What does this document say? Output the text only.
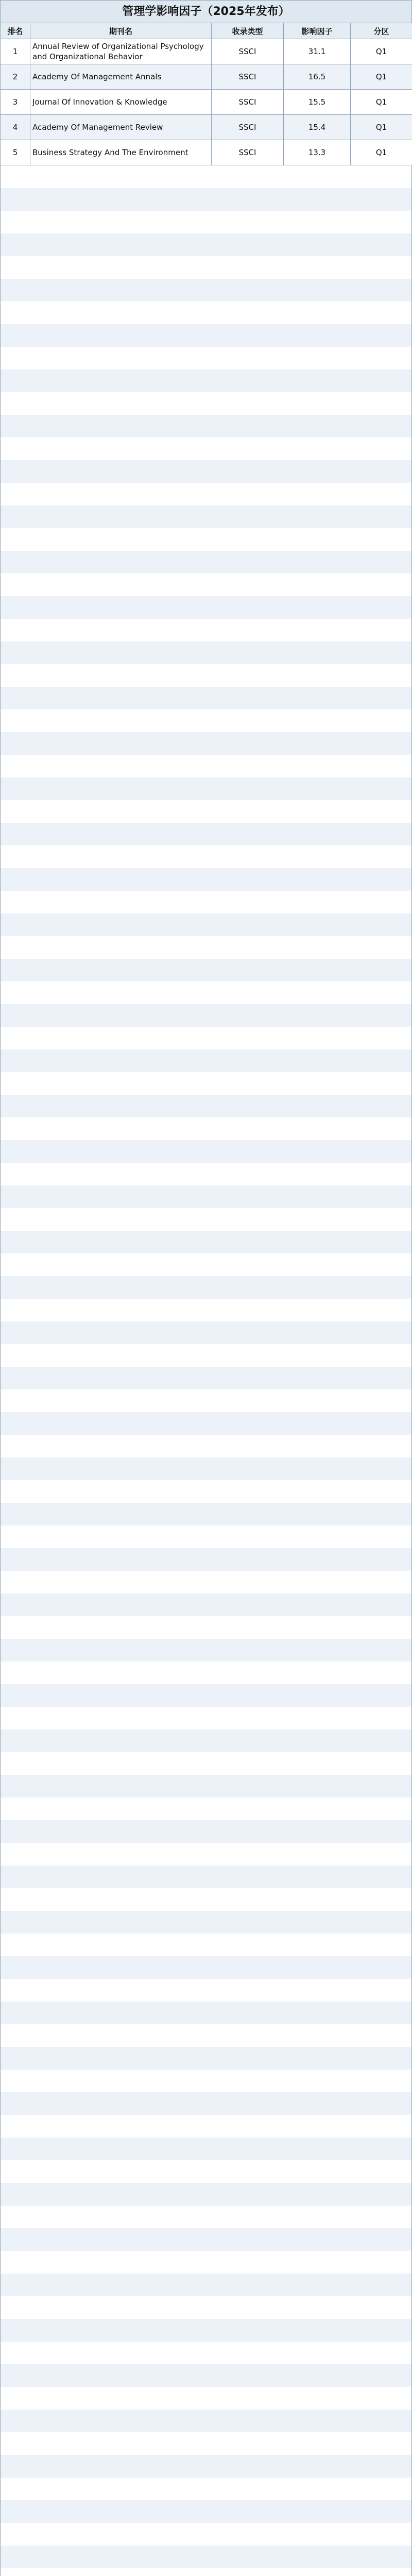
管理学影响因子（2025年发布）
排名	期刊名	收录类型	影响因子	分区
1	Annual Review of Organizational Psychology and Organizational Behavior	SSCI	31.1	Q1
2	Academy Of Management Annals	SSCI	16.5	Q1
3	Journal Of Innovation & Knowledge	SSCI	15.5	Q1
4	Academy Of Management Review	SSCI	15.4	Q1
5	Business Strategy And The Environment	SSCI	13.3	Q1
